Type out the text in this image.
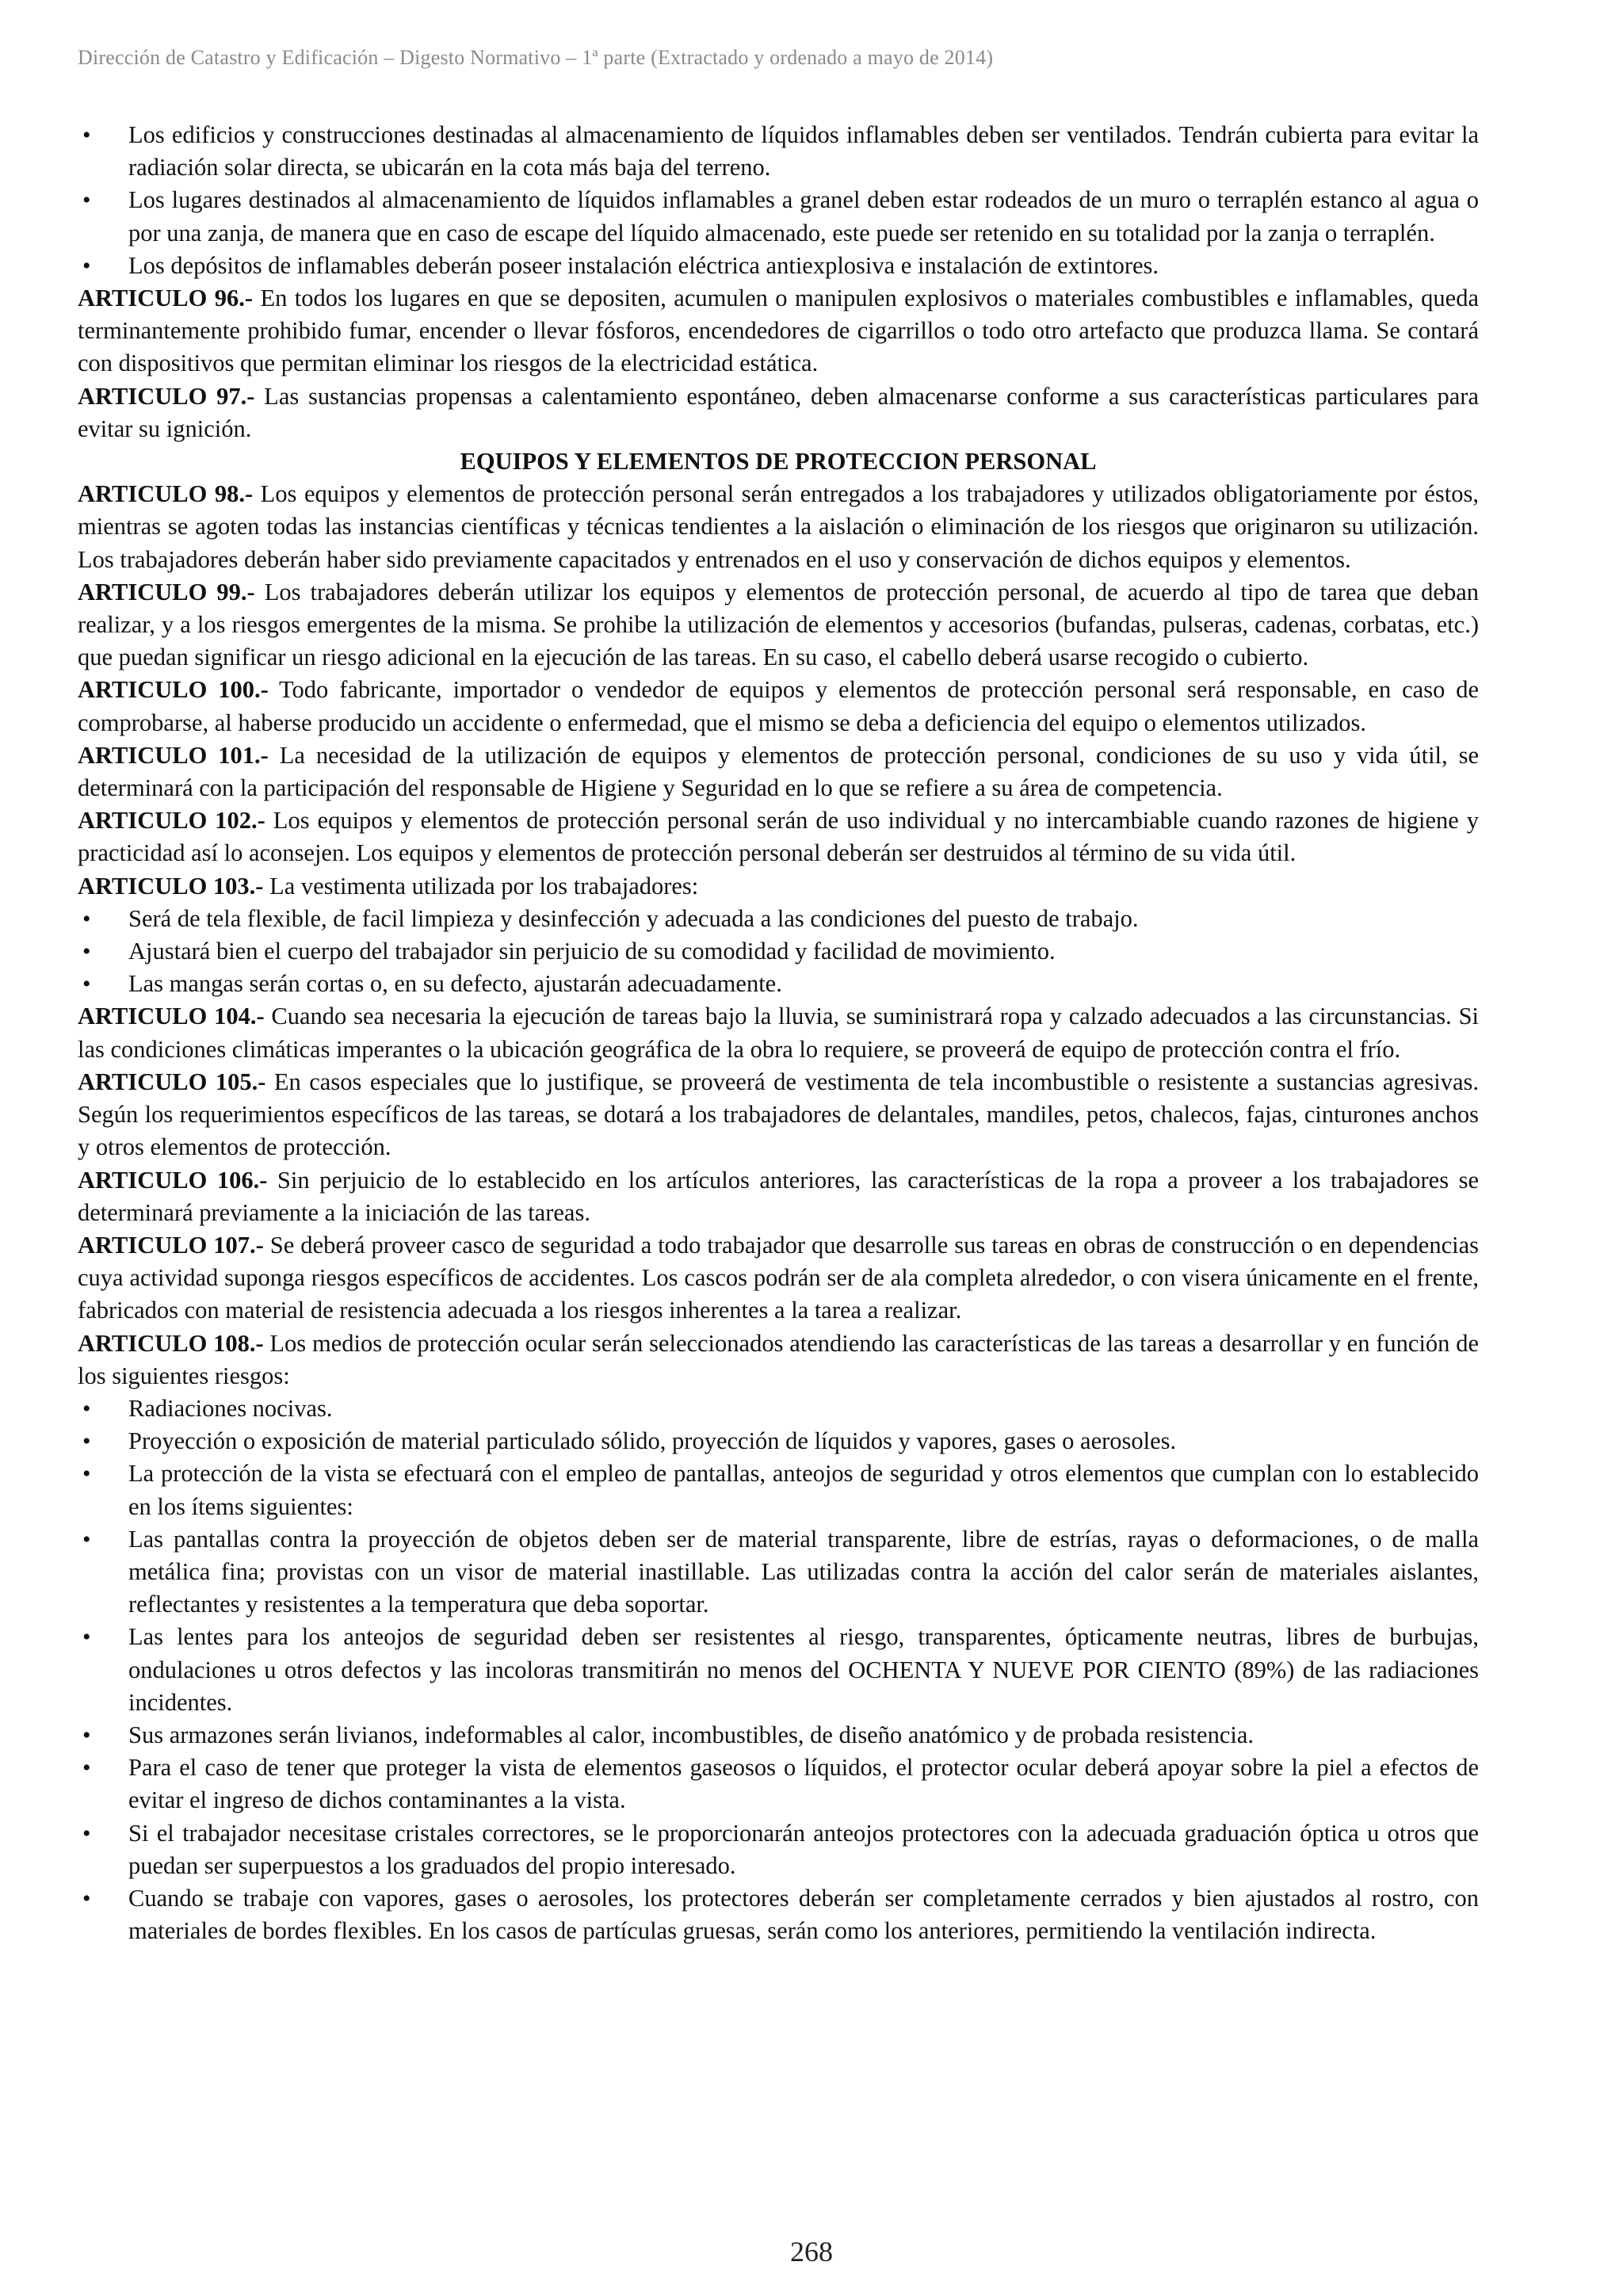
Dirección de Catastro y Edificación – Digesto Normativo – 1ª parte (Extractado y ordenado a mayo de 2014)
• Los edificios y construcciones destinadas al almacenamiento de líquidos inflamables deben ser ventilados. Tendrán cubierta para evitar la radiación solar directa, se ubicarán en la cota más baja del terreno.
• Los lugares destinados al almacenamiento de líquidos inflamables a granel deben estar rodeados de un muro o terraplén estanco al agua o por una zanja, de manera que en caso de escape del líquido almacenado, este puede ser retenido en su totalidad por la zanja o terraplén.
• Los depósitos de inflamables deberán poseer instalación eléctrica antiexplosiva e instalación de extintores.

ARTICULO 96.- En todos los lugares en que se depositen, acumulen o manipulen explosivos o materiales combustibles e inflamables, queda terminantemente prohibido fumar, encender o llevar fósforos, encendedores de cigarrillos o todo otro artefacto que produzca llama. Se contará con dispositivos que permitan eliminar los riesgos de la electricidad estática.

ARTICULO 97.- Las sustancias propensas a calentamiento espontáneo, deben almacenarse conforme a sus características particulares para evitar su ignición.

EQUIPOS Y ELEMENTOS DE PROTECCION PERSONAL

ARTICULO 98.- Los equipos y elementos de protección personal serán entregados a los trabajadores y utilizados obligatoriamente por éstos, mientras se agoten todas las instancias científicas y técnicas tendientes a la aislación o eliminación de los riesgos que originaron su utilización. Los trabajadores deberán haber sido previamente capacitados y entrenados en el uso y conservación de dichos equipos y elementos.

ARTICULO 99.- Los trabajadores deberán utilizar los equipos y elementos de protección personal, de acuerdo al tipo de tarea que deban realizar, y a los riesgos emergentes de la misma. Se prohibe la utilización de elementos y accesorios (bufandas, pulseras, cadenas, corbatas, etc.) que puedan significar un riesgo adicional en la ejecución de las tareas. En su caso, el cabello deberá usarse recogido o cubierto.

ARTICULO 100.- Todo fabricante, importador o vendedor de equipos y elementos de protección personal será responsable, en caso de comprobarse, al haberse producido un accidente o enfermedad, que el mismo se deba a deficiencia del equipo o elementos utilizados.

ARTICULO 101.- La necesidad de la utilización de equipos y elementos de protección personal, condiciones de su uso y vida útil, se determinará con la participación del responsable de Higiene y Seguridad en lo que se refiere a su área de competencia.

ARTICULO 102.- Los equipos y elementos de protección personal serán de uso individual y no intercambiable cuando razones de higiene y practicidad así lo aconsejen. Los equipos y elementos de protección personal deberán ser destruidos al término de su vida útil.

ARTICULO 103.- La vestimenta utilizada por los trabajadores:

• Será de tela flexible, de facil limpieza y desinfección y adecuada a las condiciones del puesto de trabajo.
• Ajustará bien el cuerpo del trabajador sin perjuicio de su comodidad y facilidad de movimiento.
• Las mangas serán cortas o, en su defecto, ajustarán adecuadamente.

ARTICULO 104.- Cuando sea necesaria la ejecución de tareas bajo la lluvia, se suministrará ropa y calzado adecuados a las circunstancias. Si las condiciones climáticas imperantes o la ubicación geográfica de la obra lo requiere, se proveerá de equipo de protección contra el frío.

ARTICULO 105.- En casos especiales que lo justifique, se proveerá de vestimenta de tela incombustible o resistente a sustancias agresivas. Según los requerimientos específicos de las tareas, se dotará a los trabajadores de delantales, mandiles, petos, chalecos, fajas, cinturones anchos y otros elementos de protección.

ARTICULO 106.- Sin perjuicio de lo establecido en los artículos anteriores, las características de la ropa a proveer a los trabajadores se determinará previamente a la iniciación de las tareas.

ARTICULO 107.- Se deberá proveer casco de seguridad a todo trabajador que desarrolle sus tareas en obras de construcción o en dependencias cuya actividad suponga riesgos específicos de accidentes. Los cascos podrán ser de ala completa alrededor, o con visera únicamente en el frente, fabricados con material de resistencia adecuada a los riesgos inherentes a la tarea a realizar.

ARTICULO 108.- Los medios de protección ocular serán seleccionados atendiendo las características de las tareas a desarrollar y en función de los siguientes riesgos:

• Radiaciones nocivas.
• Proyección o exposición de material particulado sólido, proyección de líquidos y vapores, gases o aerosoles.
• La protección de la vista se efectuará con el empleo de pantallas, anteojos de seguridad y otros elementos que cumplan con lo establecido en los ítems siguientes:
• Las pantallas contra la proyección de objetos deben ser de material transparente, libre de estrías, rayas o deformaciones, o de malla metálica fina; provistas con un visor de material inastillable. Las utilizadas contra la acción del calor serán de materiales aislantes, reflectantes y resistentes a la temperatura que deba soportar.
• Las lentes para los anteojos de seguridad deben ser resistentes al riesgo, transparentes, ópticamente neutras, libres de burbujas, ondulaciones u otros defectos y las incoloras transmitirán no menos del OCHENTA Y NUEVE POR CIENTO (89%) de las radiaciones incidentes.
• Sus armazones serán livianos, indeformables al calor, incombustibles, de diseño anatómico y de probada resistencia.
• Para el caso de tener que proteger la vista de elementos gaseosos o líquidos, el protector ocular deberá apoyar sobre la piel a efectos de evitar el ingreso de dichos contaminantes a la vista.
• Si el trabajador necesitase cristales correctores, se le proporcionarán anteojos protectores con la adecuada graduación óptica u otros que puedan ser superpuestos a los graduados del propio interesado.
• Cuando se trabaje con vapores, gases o aerosoles, los protectores deberán ser completamente cerrados y bien ajustados al rostro, con materiales de bordes flexibles. En los casos de partículas gruesas, serán como los anteriores, permitiendo la ventilación indirecta.
268
